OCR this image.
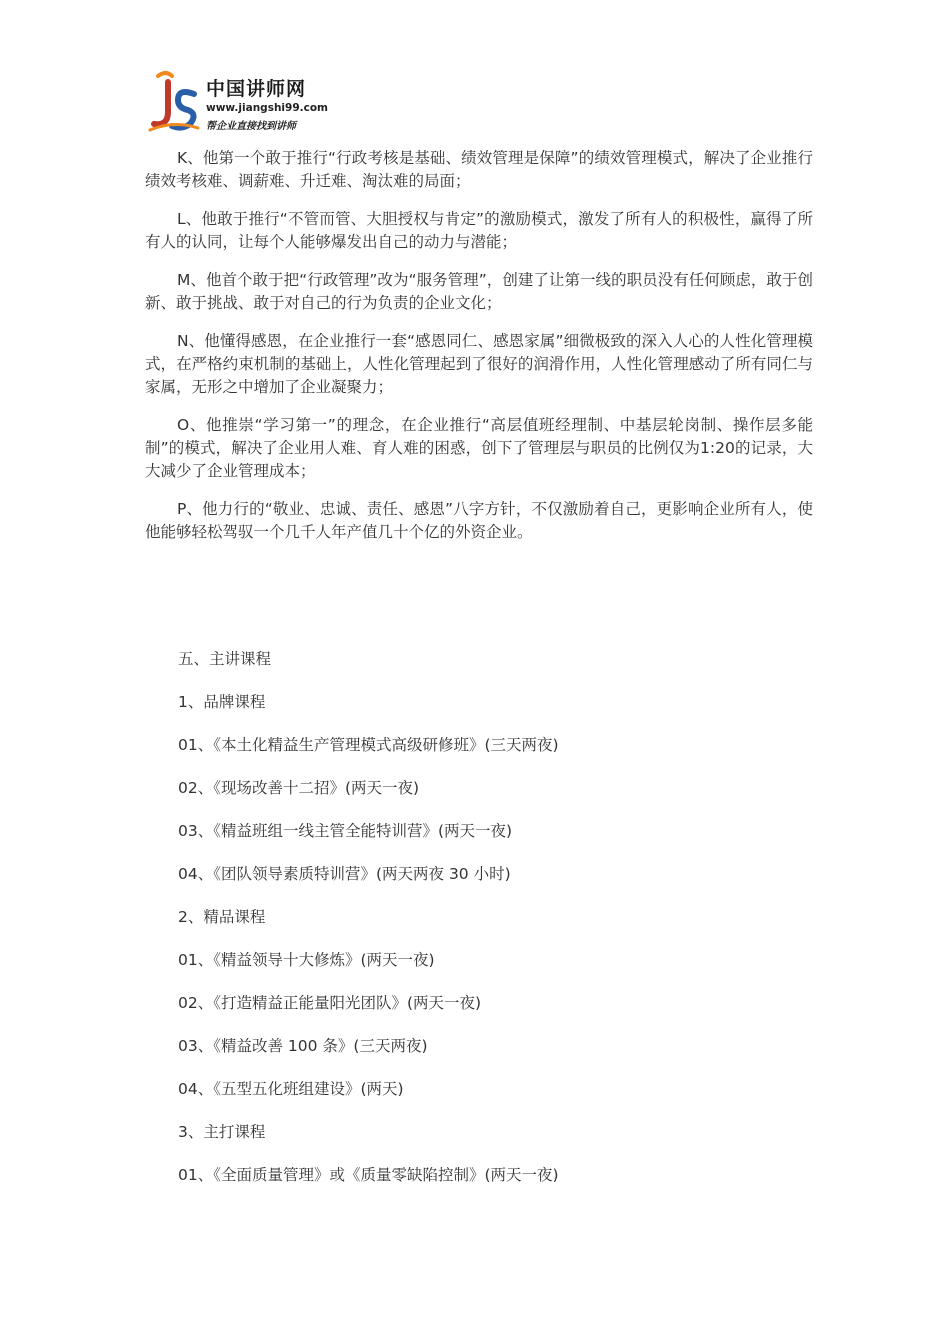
中国讲师网
www.jiangshi99.com
帮企业直接找到讲师

K、他第一个敢于推行“行政考核是基础、绩效管理是保障”的绩效管理模式，解决了企业推行绩效考核难、调薪难、升迁难、淘汰难的局面；

L、他敢于推行“不管而管、大胆授权与肯定”的激励模式，激发了所有人的积极性，赢得了所有人的认同，让每个人能够爆发出自己的动力与潜能；

M、他首个敢于把“行政管理”改为“服务管理”，创建了让第一线的职员没有任何顾虑，敢于创新、敢于挑战、敢于对自己的行为负责的企业文化；

N、他懂得感恩，在企业推行一套“感恩同仁、感恩家属”细微极致的深入人心的人性化管理模式，在严格约束机制的基础上，人性化管理起到了很好的润滑作用，人性化管理感动了所有同仁与家属，无形之中增加了企业凝聚力；

O、他推崇“学习第一”的理念，在企业推行“高层值班经理制、中基层轮岗制、操作层多能制”的模式，解决了企业用人难、育人难的困惑，创下了管理层与职员的比例仅为1:20的记录，大大减少了企业管理成本；

P、他力行的“敬业、忠诚、责任、感恩”八字方针，不仅激励着自己，更影响企业所有人，使他能够轻松驾驭一个几千人年产值几十个亿的外资企业。

五、主讲课程
1、品牌课程
01、《本土化精益生产管理模式高级研修班》(三天两夜)
02、《现场改善十二招》(两天一夜)
03、《精益班组一线主管全能特训营》(两天一夜)
04、《团队领导素质特训营》(两天两夜 30 小时)
2、精品课程
01、《精益领导十大修炼》(两天一夜)
02、《打造精益正能量阳光团队》(两天一夜)
03、《精益改善 100 条》(三天两夜)
04、《五型五化班组建设》(两天)
3、主打课程
01、《全面质量管理》或《质量零缺陷控制》(两天一夜)
